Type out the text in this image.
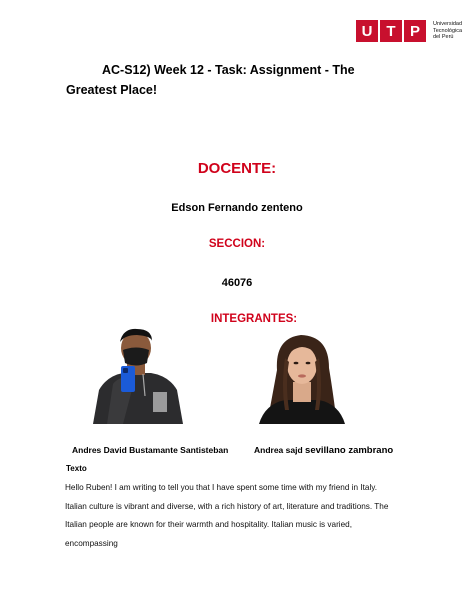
U T P	Universidad
Tecnológica
del Perú
AC-S12) Week 12 - Task: Assignment - The
Greatest Place!
DOCENTE:
Edson Fernando zenteno
SECCION:
46076
INTEGRANTES:
Andres David Bustamante Santisteban	Andrea sajd sevillano zambrano
Texto
Hello Ruben! I am writing to tell you that I have spent some time with my friend in Italy.
Italian culture is vibrant and diverse, with a rich history of art, literature and traditions. The
Italian people are known for their warmth and hospitality. Italian music is varied,
encompassing
